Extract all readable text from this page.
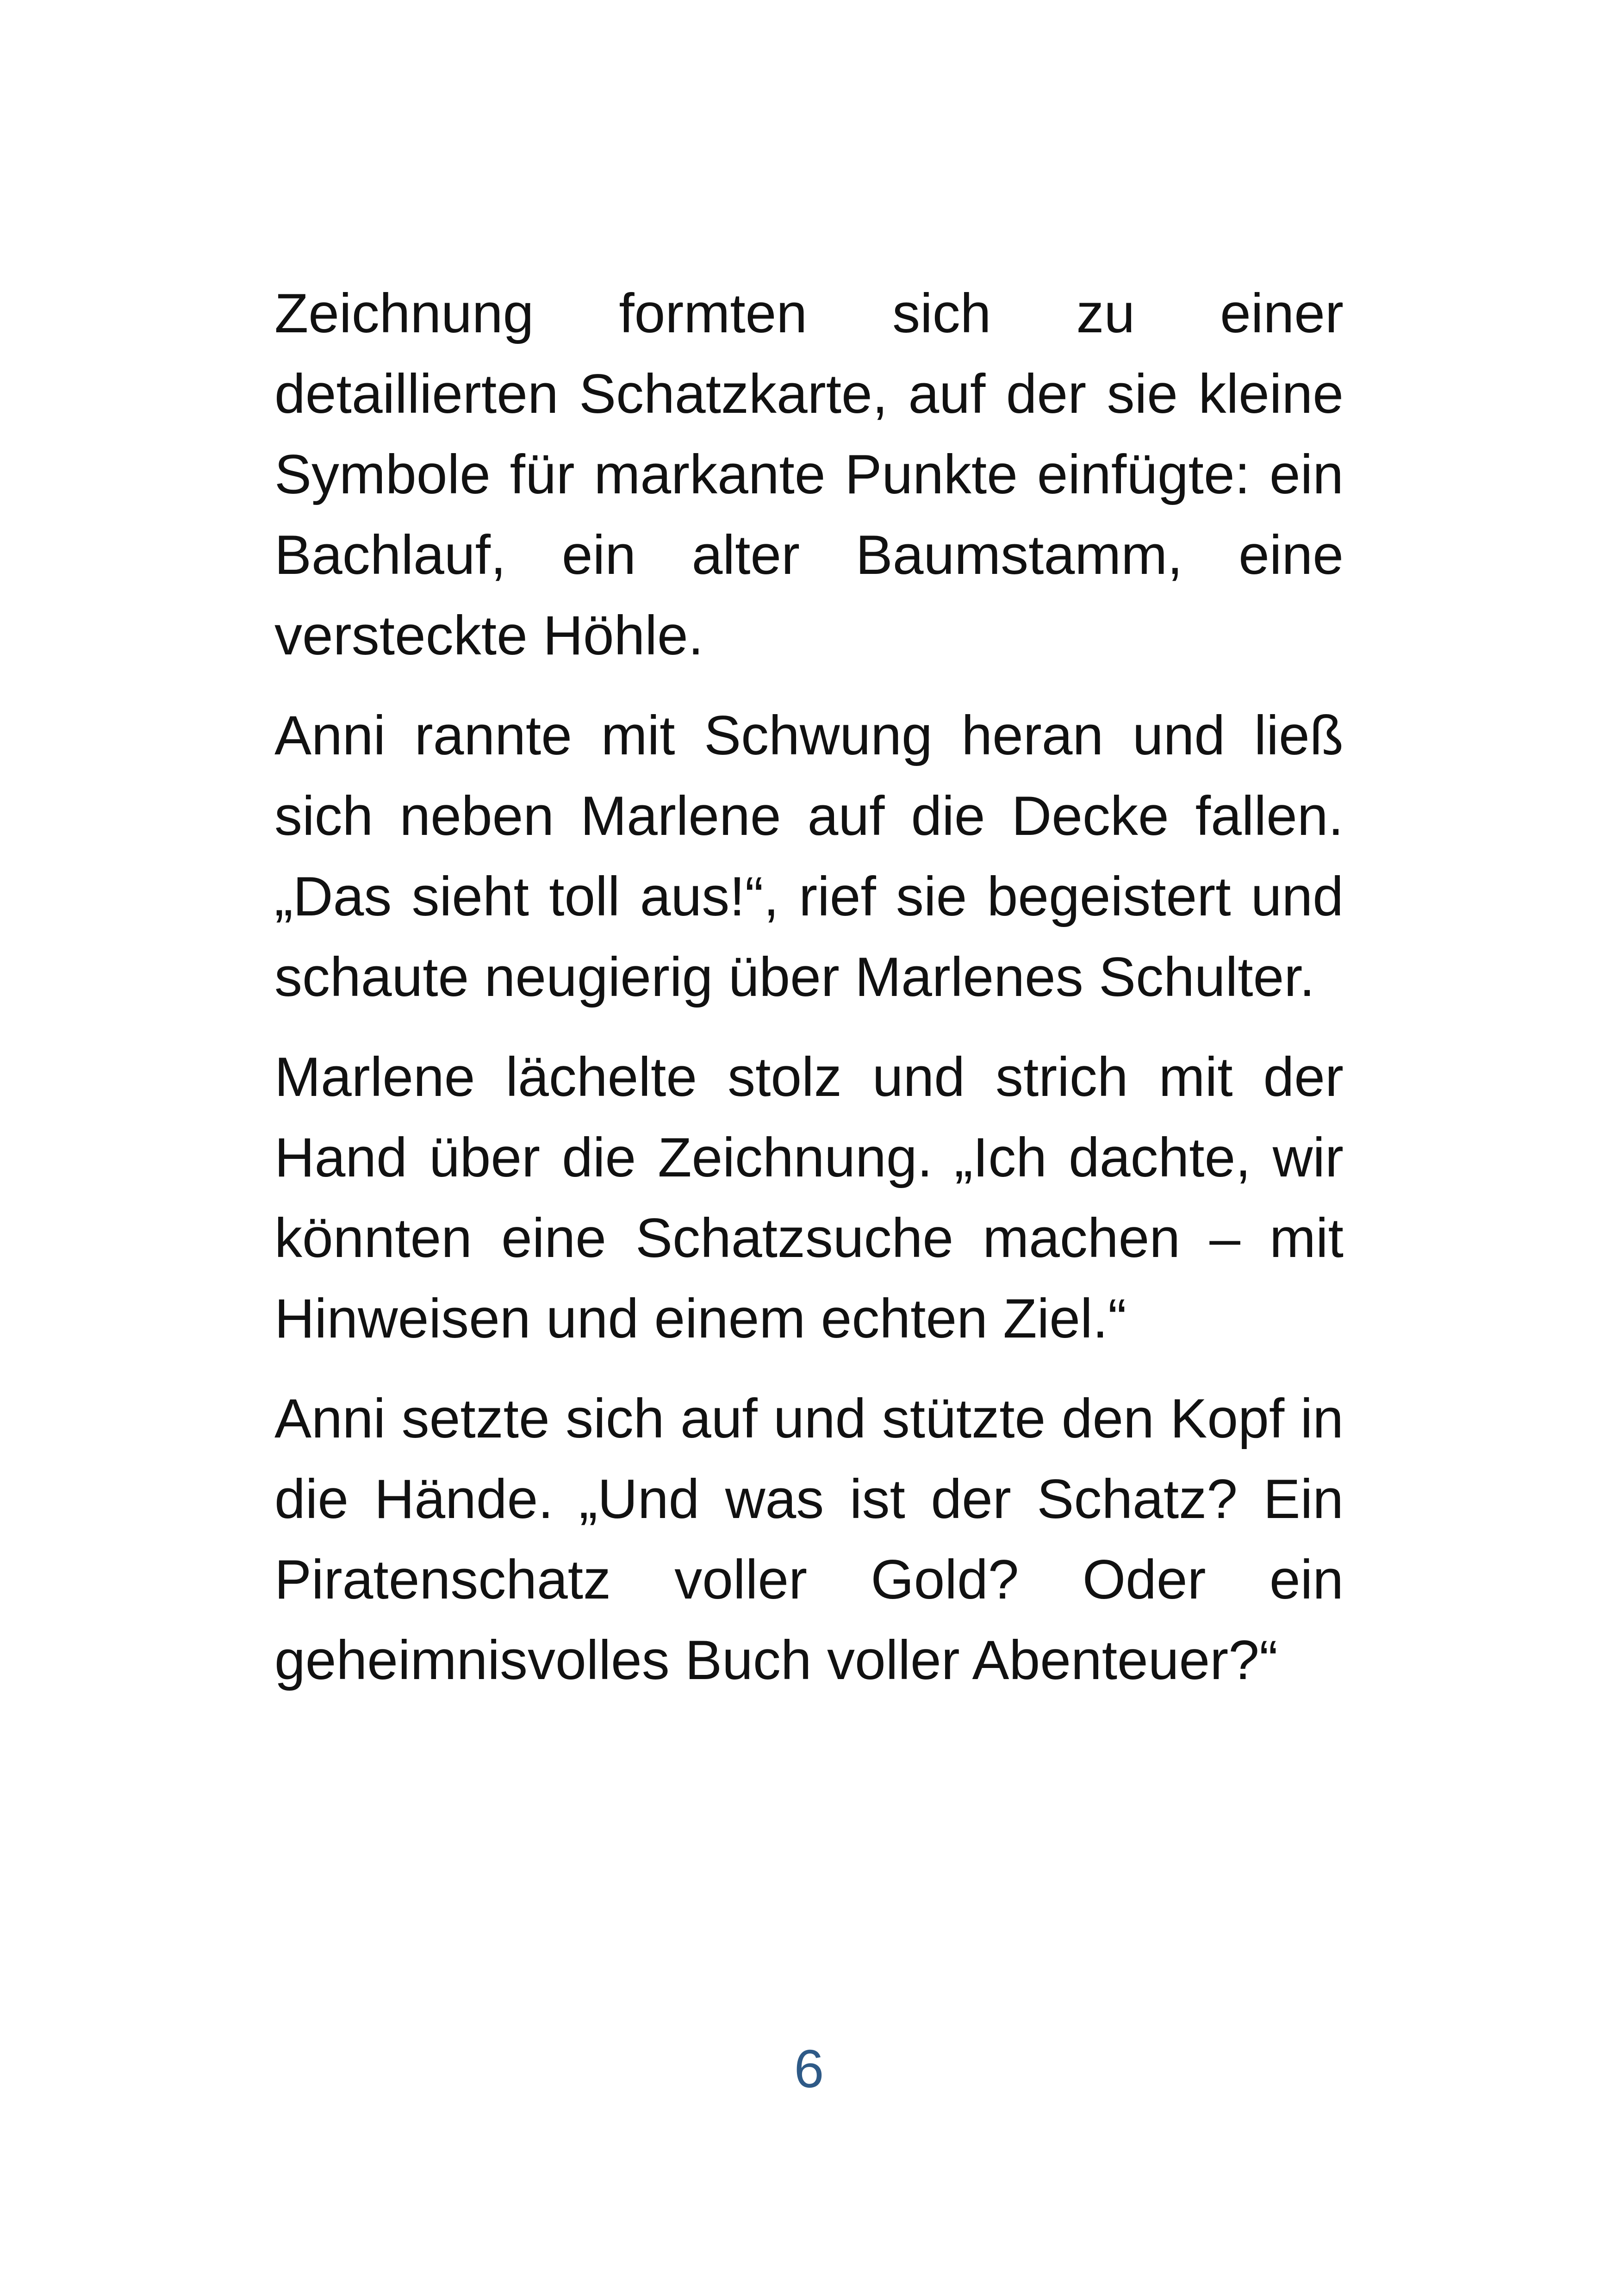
Zeichnung formten sich zu einer detaillierten Schatzkarte, auf der sie kleine Symbole für markante Punkte einfügte: ein Bachlauf, ein alter Baumstamm, eine versteckte Höhle.

Anni rannte mit Schwung heran und ließ sich neben Marlene auf die Decke fallen. „Das sieht toll aus!“, rief sie begeistert und schaute neugierig über Marlenes Schulter.

Marlene lächelte stolz und strich mit der Hand über die Zeichnung. „Ich dachte, wir könnten eine Schatzsuche machen – mit Hinweisen und einem echten Ziel.“

Anni setzte sich auf und stützte den Kopf in die Hände. „Und was ist der Schatz? Ein Piratenschatz voller Gold? Oder ein geheimnisvolles Buch voller Abenteuer?“

6
